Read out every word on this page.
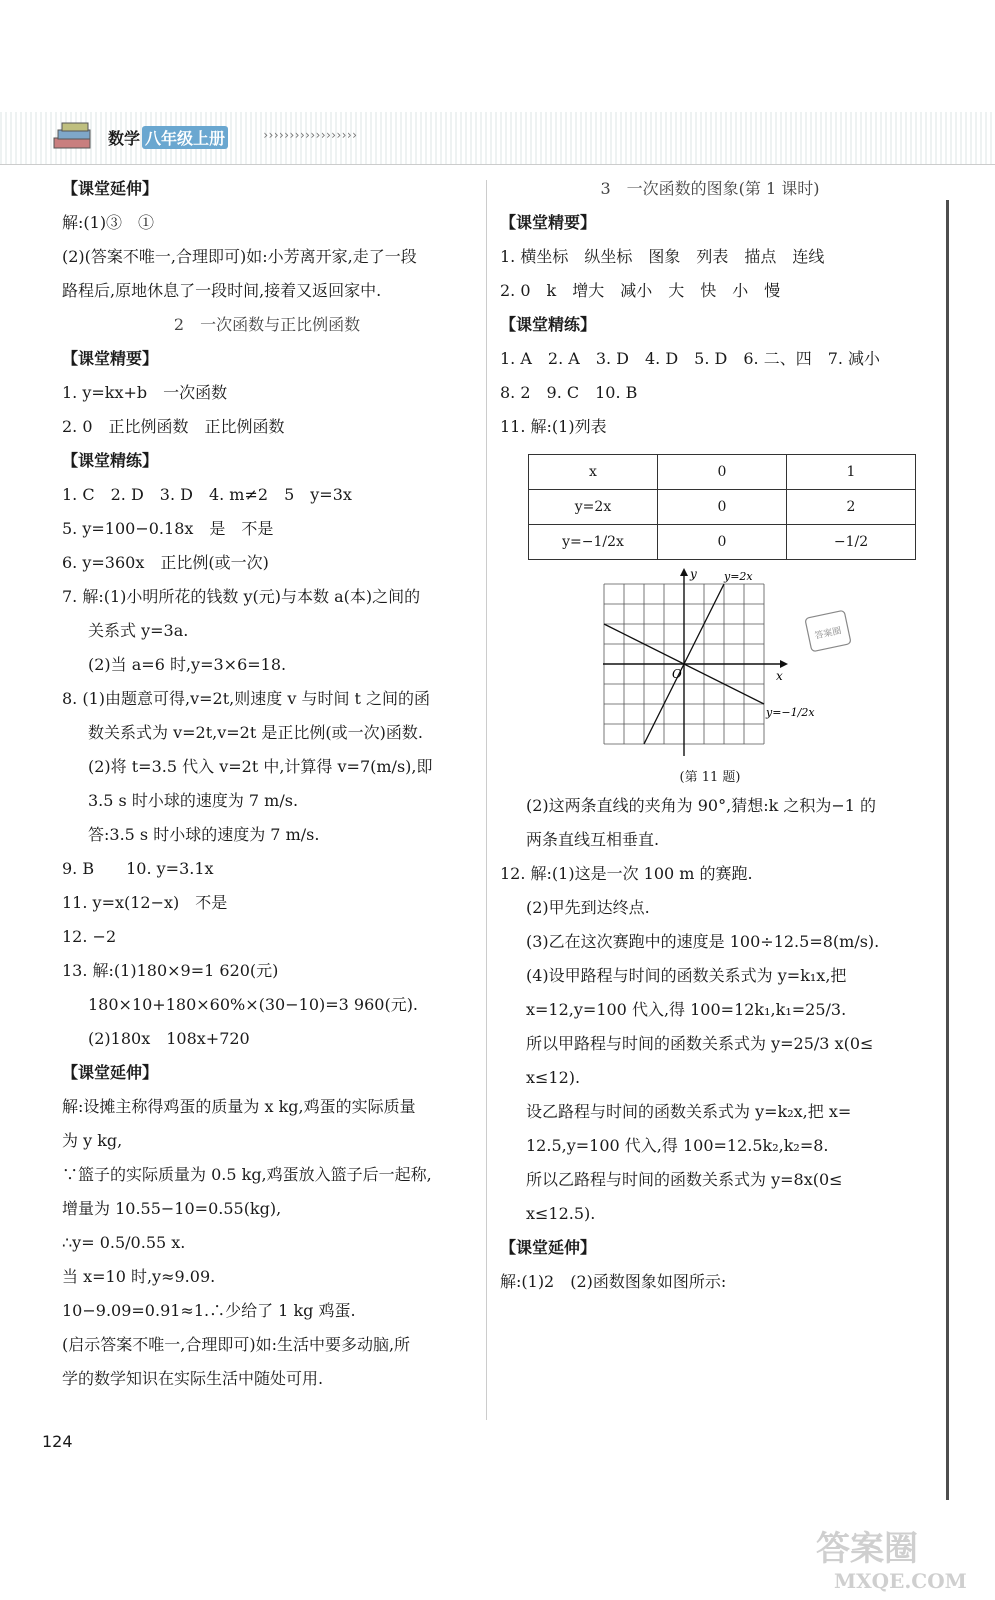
数学 八年级上册	››››››››››››››››››
【课堂延伸】
解:(1)③　①
(2)(答案不唯一,合理即可)如:小芳离开家,走了一段
路程后,原地休息了一段时间,接着又返回家中.
2　一次函数与正比例函数
【课堂精要】
1. y=kx+b　一次函数
2. 0　正比例函数　正比例函数
【课堂精练】
1. C　2. D　3. D　4. m≠2　5　y=3x
5. y=100−0.18x　是　不是
6. y=360x　正比例(或一次)
7. 解:(1)小明所花的钱数 y(元)与本数 a(本)之间的
关系式 y=3a.
(2)当 a=6 时,y=3×6=18.
8. (1)由题意可得,v=2t,则速度 v 与时间 t 之间的函
数关系式为 v=2t,v=2t 是正比例(或一次)函数.
(2)将 t=3.5 代入 v=2t 中,计算得 v=7(m/s),即
3.5 s 时小球的速度为 7 m/s.
答:3.5 s 时小球的速度为 7 m/s.
9. B　　10. y=3.1x
11. y=x(12−x)　不是
12. −2
13. 解:(1)180×9=1 620(元)
180×10+180×60%×(30−10)=3 960(元).
(2)180x　108x+720
【课堂延伸】
解:设摊主称得鸡蛋的质量为 x kg,鸡蛋的实际质量
为 y kg,
∵篮子的实际质量为 0.5 kg,鸡蛋放入篮子后一起称,
增量为 10.55−10=0.55(kg),
∴y= 0.5/0.55 x.
当 x=10 时,y≈9.09.
10−9.09=0.91≈1.∴少给了 1 kg 鸡蛋.
(启示答案不唯一,合理即可)如:生活中要多动脑,所
学的数学知识在实际生活中随处可用.
3　一次函数的图象(第 1 课时)
【课堂精要】
1. 横坐标　纵坐标　图象　列表　描点　连线
2. 0　k　增大　减小　大　快　小　慢
【课堂精练】
1. A　2. A　3. D　4. D　5. D　6. 二、四　7. 减小
8. 2　9. C　10. B
11. 解:(1)列表
x	0	1
y=2x	0	2
y=−1/2x	0	−1/2
y
x
O
y=2x
y=−1/2x
(第 11 题)
(2)这两条直线的夹角为 90°,猜想:k 之积为−1 的
两条直线互相垂直.
12. 解:(1)这是一次 100 m 的赛跑.
(2)甲先到达终点.
(3)乙在这次赛跑中的速度是 100÷12.5=8(m/s).
(4)设甲路程与时间的函数关系式为 y=k₁x,把
x=12,y=100 代入,得 100=12k₁,k₁=25/3.
所以甲路程与时间的函数关系式为 y=25/3 x(0≤
x≤12).
设乙路程与时间的函数关系式为 y=k₂x,把 x=
12.5,y=100 代入,得 100=12.5k₂,k₂=8.
所以乙路程与时间的函数关系式为 y=8x(0≤
x≤12.5).
【课堂延伸】
解:(1)2　(2)函数图象如图所示:
答案圈
124
答案圈
MXQE.COM
